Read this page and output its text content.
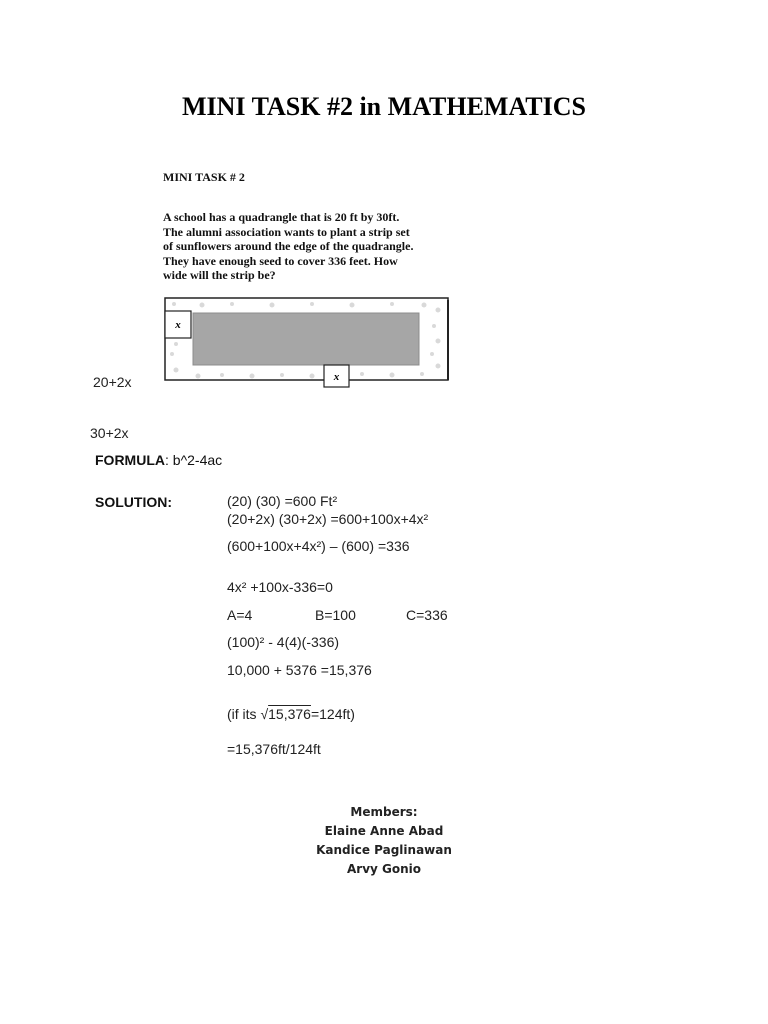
MINI TASK #2 in MATHEMATICS
MINI TASK # 2
A school has a quadrangle that is 20 ft by 30ft.
The alumni association wants to plant a strip set
of sunflowers around the edge of the quadrangle.
They have enough seed to cover 336 feet. How
wide will the strip be?
x
x
20+2x
30+2x
FORMULA: b^2-4ac
SOLUTION:	(20) (30) =600 Ft²
(20+2x) (30+2x) =600+100x+4x²
(600+100x+4x²) – (600) =336
4x² +100x-336=0
A=4	B=100	C=336
(100)² - 4(4)(-336)
10,000 + 5376 =15,376
(if its √15,376=124ft)
=15,376ft/124ft
Members:
Elaine Anne Abad
Kandice Paglinawan
Arvy Gonio
